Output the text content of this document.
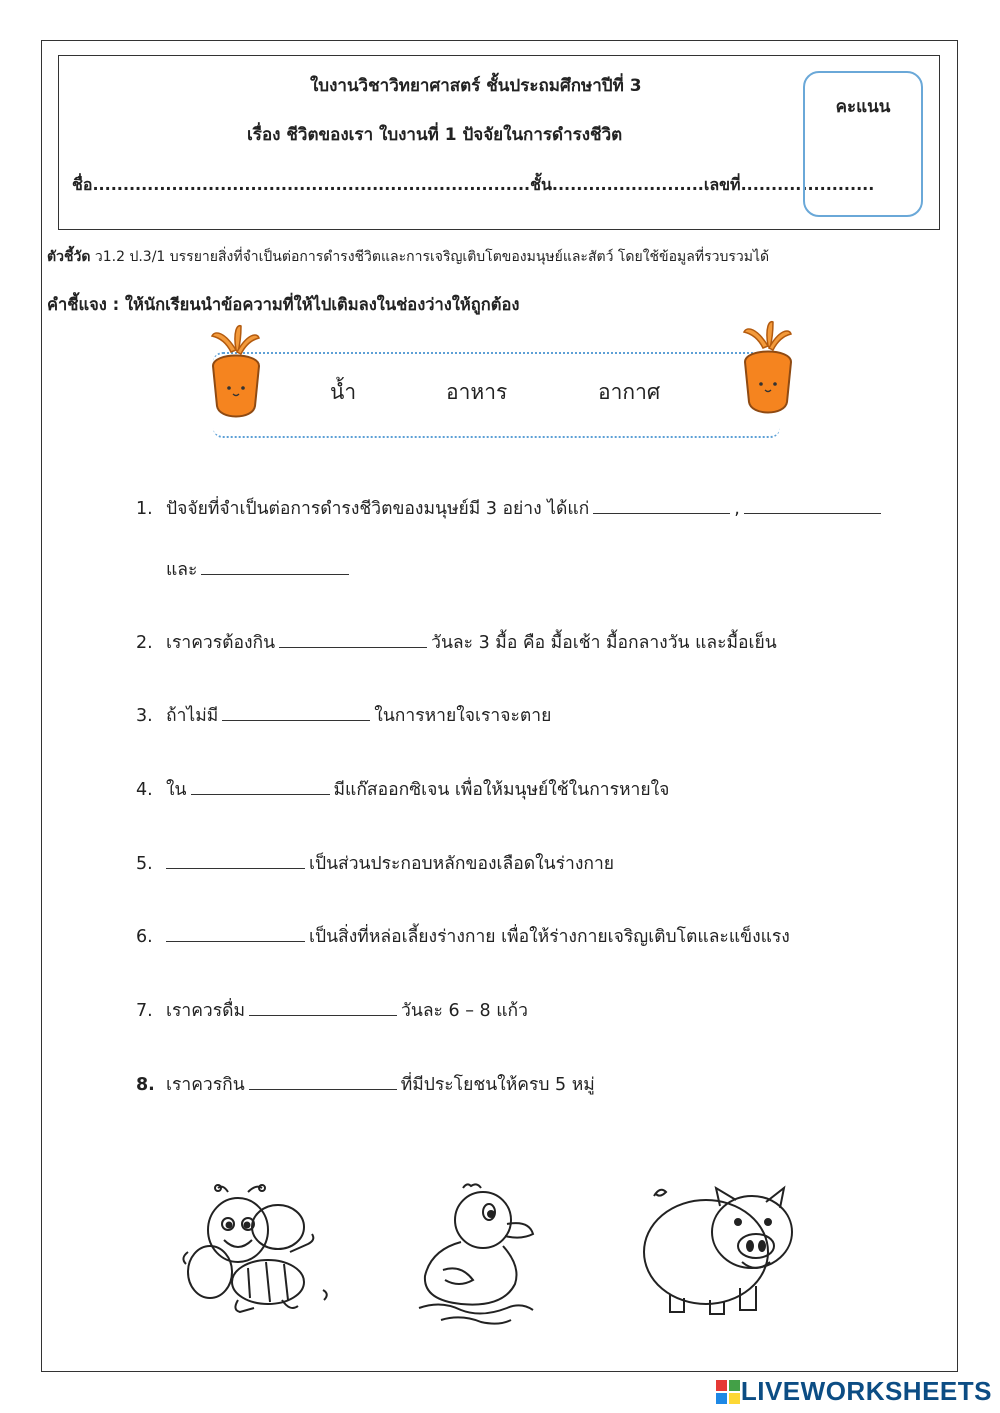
ใบงานวิชาวิทยาศาสตร์ ชั้นประถมศึกษาปีที่ 3
เรื่อง ชีวิตของเรา ใบงานที่ 1 ปัจจัยในการดำรงชีวิต
ชื่อ........................................................................ชั้น.........................เลขที่......................
คะแนน
ตัวชี้วัด ว1.2 ป.3/1 บรรยายสิ่งที่จำเป็นต่อการดำรงชีวิตและการเจริญเติบโตของมนุษย์และสัตว์ โดยใช้ข้อมูลที่รวบรวมได้
คำชี้แจง : ให้นักเรียนนำข้อความที่ให้ไปเติมลงในช่องว่างให้ถูกต้อง
น้ำ	อาหาร	อากาศ
1. ปัจจัยที่จำเป็นต่อการดำรงชีวิตของมนุษย์มี 3 อย่าง ได้แก่	,
และ
2. เราควรต้องกิน	วันละ 3 มื้อ คือ มื้อเช้า มื้อกลางวัน และมื้อเย็น
3. ถ้าไม่มี	ในการหายใจเราจะตาย
4. ใน	มีแก๊สออกซิเจน เพื่อให้มนุษย์ใช้ในการหายใจ
5.	เป็นส่วนประกอบหลักของเลือดในร่างกาย
6.	เป็นสิ่งที่หล่อเลี้ยงร่างกาย เพื่อให้ร่างกายเจริญเติบโตและแข็งแรง
7. เราควรดื่ม	วันละ 6 – 8 แก้ว
8. เราควรกิน	ที่มีประโยชนให้ครบ 5 หมู่
LIVEWORKSHEETS
